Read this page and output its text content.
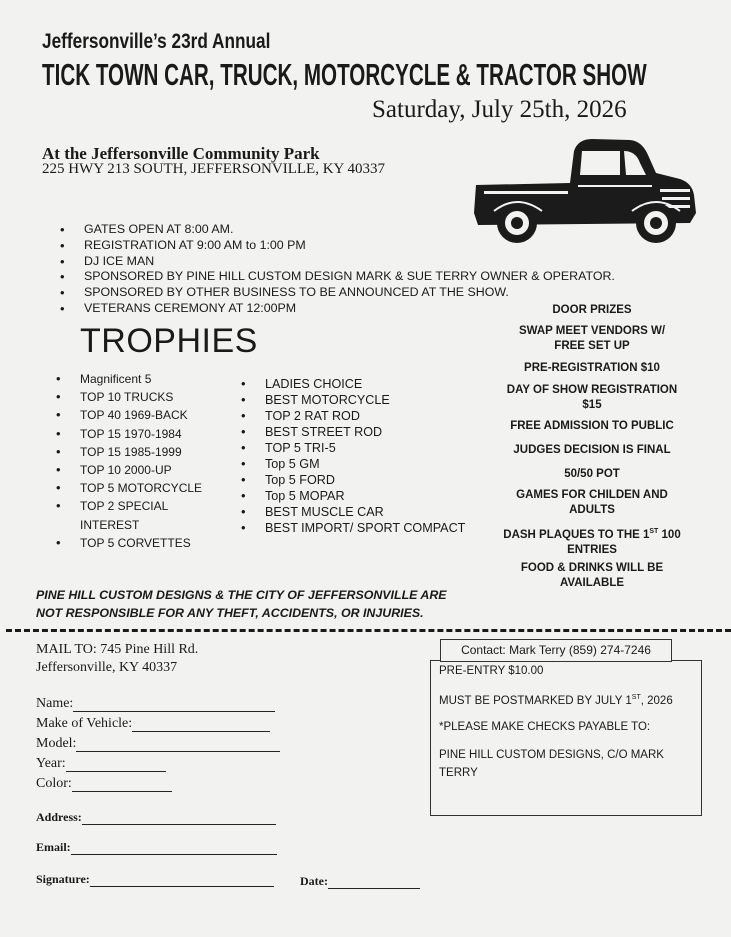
Jeffersonville’s 23rd Annual
TICK TOWN CAR, TRUCK, MOTORCYCLE & TRACTOR SHOW
Saturday, July 25th, 2026
At the Jeffersonville Community Park
225 HWY 213 SOUTH, JEFFERSONVILLE, KY 40337
• GATES OPEN AT 8:00 AM.
• REGISTRATION AT 9:00 AM to 1:00 PM
• DJ ICE MAN
• SPONSORED BY PINE HILL CUSTOM DESIGN MARK & SUE TERRY OWNER & OPERATOR.
• SPONSORED BY OTHER BUSINESS TO BE ANNOUNCED AT THE SHOW.
• VETERANS CEREMONY AT 12:00PM
TROPHIES
• Magnificent 5
• TOP 10 TRUCKS
• TOP 40 1969-BACK
• TOP 15 1970-1984
• TOP 15 1985-1999
• TOP 10 2000-UP
• TOP 5 MOTORCYCLE
• TOP 2 SPECIAL INTEREST
• TOP 5 CORVETTES
• LADIES CHOICE
• BEST MOTORCYCLE
• TOP 2 RAT ROD
• BEST STREET ROD
• TOP 5 TRI-5
• Top 5 GM
• Top 5 FORD
• Top 5 MOPAR
• BEST MUSCLE CAR
• BEST IMPORT/ SPORT COMPACT
DOOR PRIZES
SWAP MEET VENDORS W/ FREE SET UP
PRE-REGISTRATION $10
DAY OF SHOW REGISTRATION $15
FREE ADMISSION TO PUBLIC
JUDGES DECISION IS FINAL
50/50 POT
GAMES FOR CHILDEN AND ADULTS
DASH PLAQUES TO THE 1ST 100
ENTRIES
FOOD & DRINKS WILL BE AVAILABLE
PINE HILL CUSTOM DESIGNS & THE CITY OF JEFFERSONVILLE ARE
NOT RESPONSIBLE FOR ANY THEFT, ACCIDENTS, OR INJURIES.
MAIL TO: 745 Pine Hill Rd.
Jeffersonville, KY 40337
Name:
Make of Vehicle:
Model:
Year:
Color:
Address:
Email:
Signature:	Date:
Contact: Mark Terry (859) 274-7246
PRE-ENTRY $10.00
MUST BE POSTMARKED BY JULY 1ST, 2026
*PLEASE MAKE CHECKS PAYABLE TO:
PINE HILL CUSTOM DESIGNS, C/O MARK
TERRY
